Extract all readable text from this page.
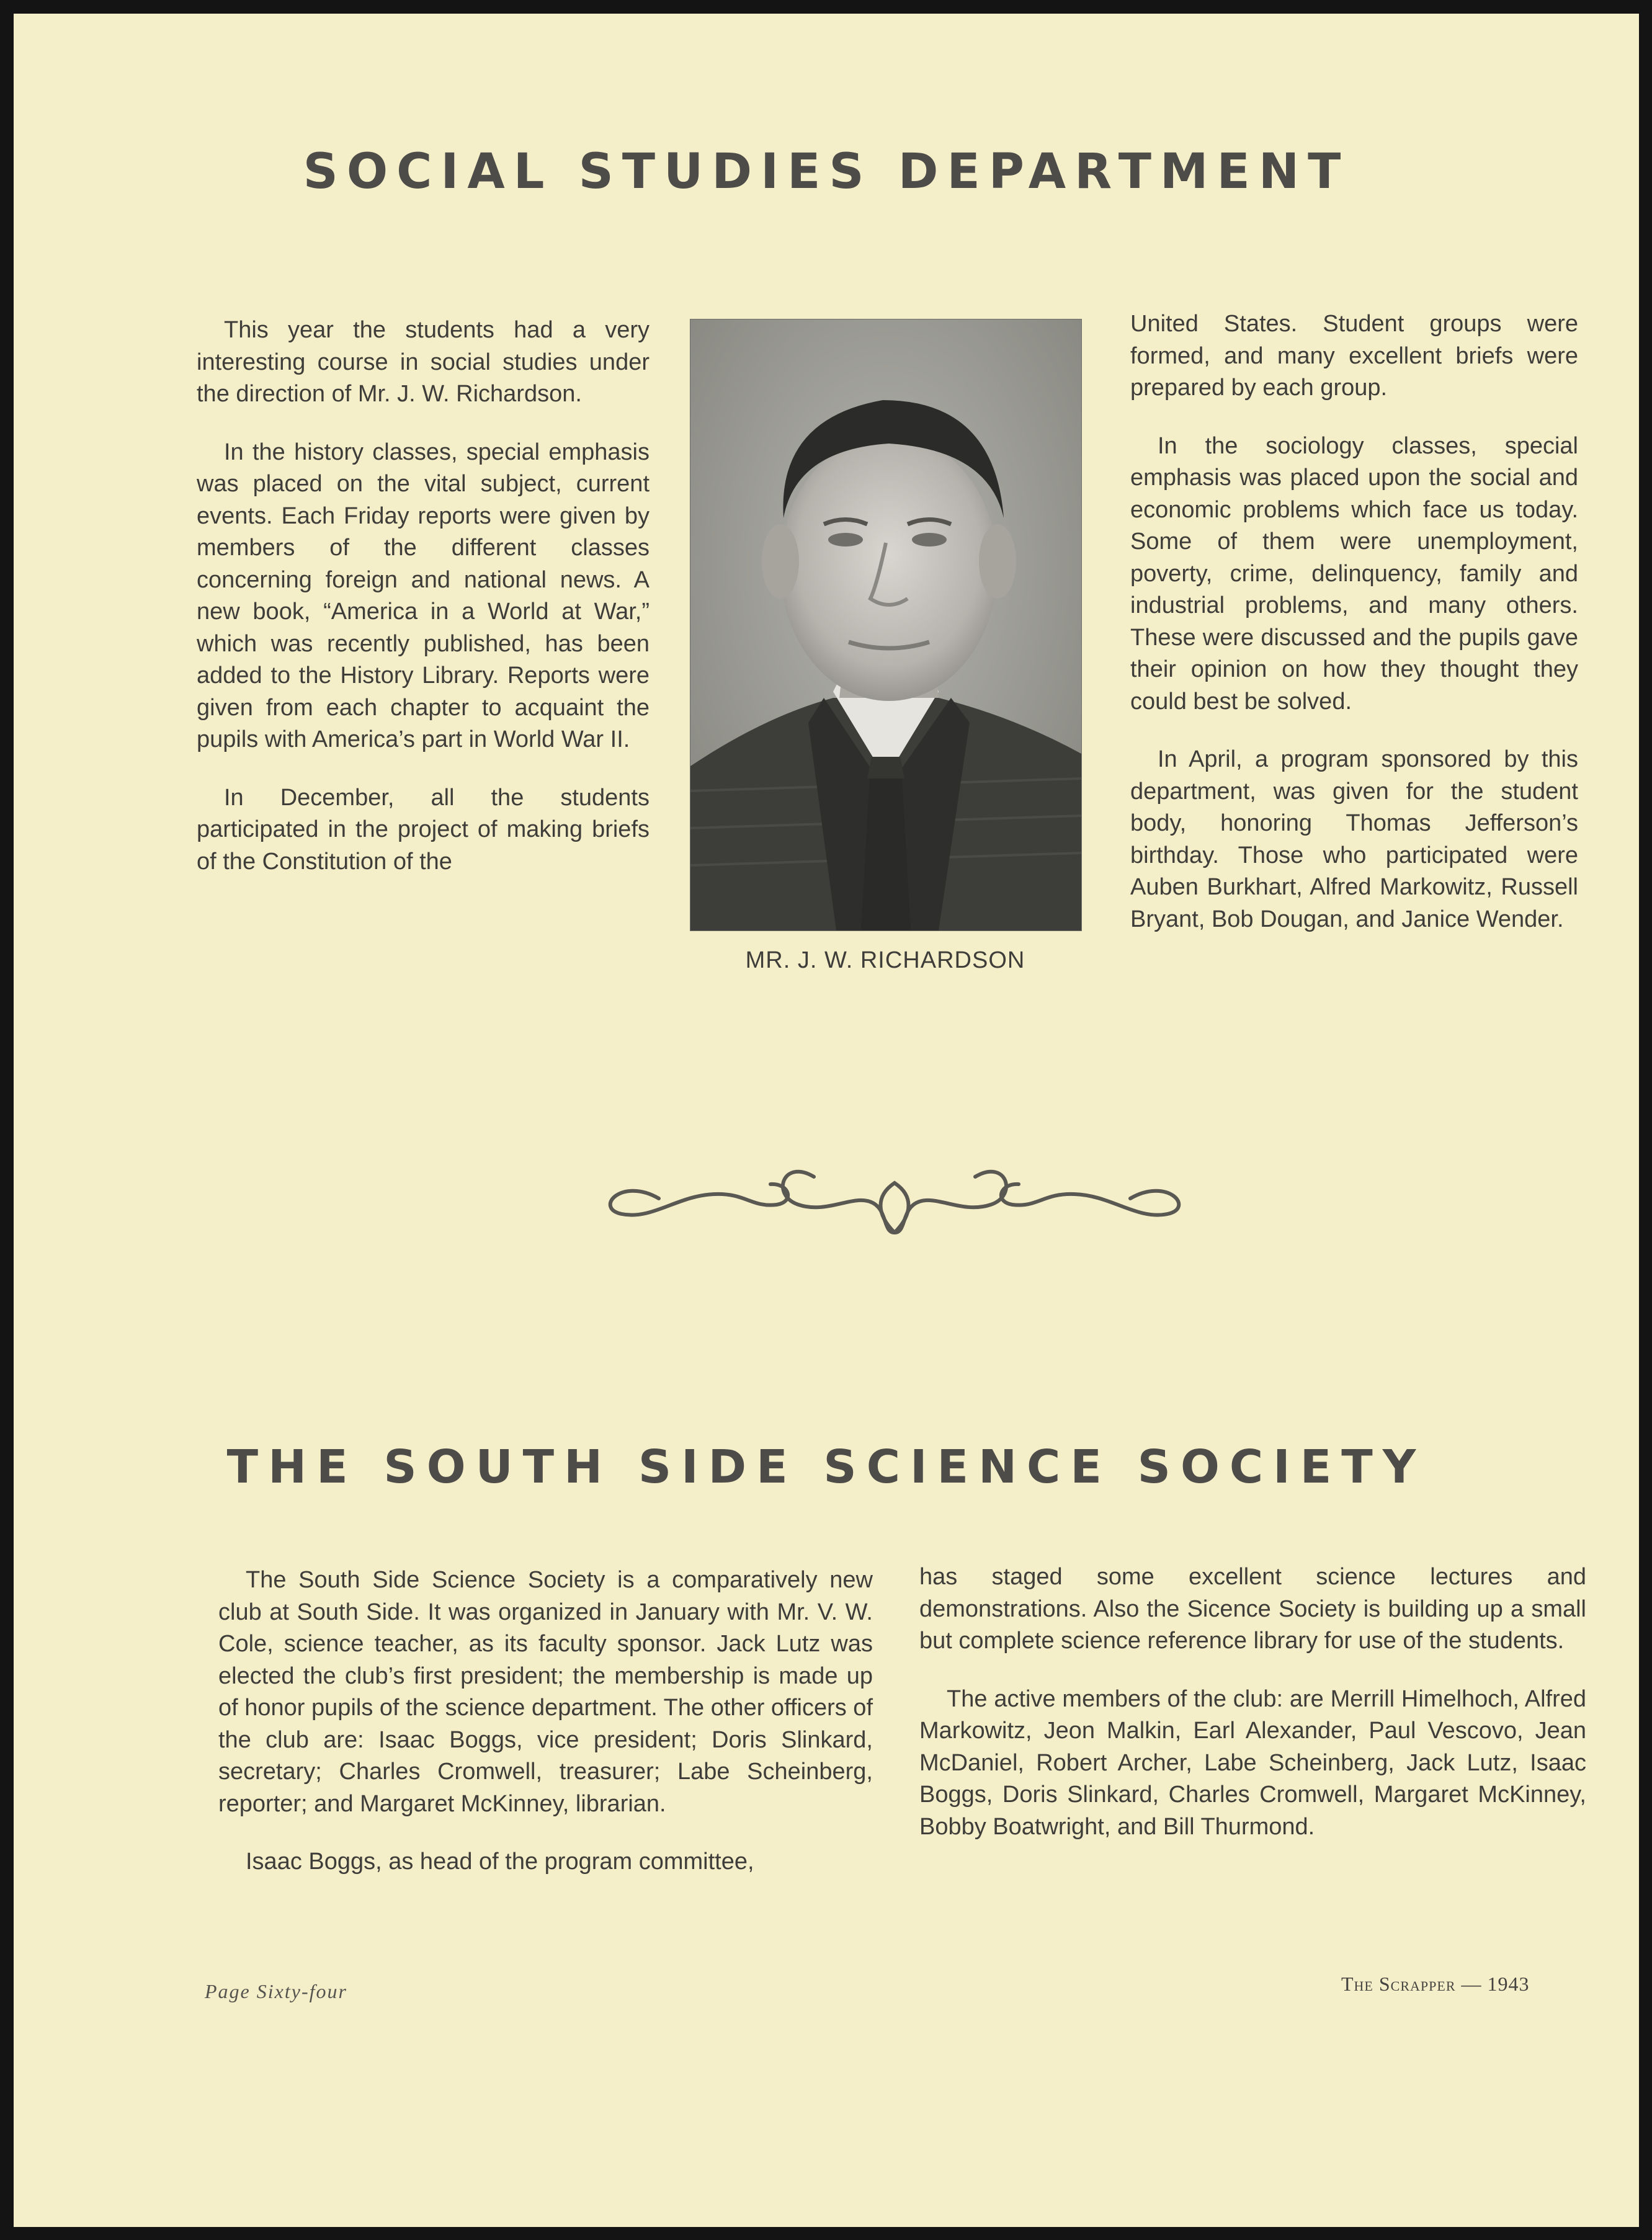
SOCIAL STUDIES DEPARTMENT

This year the students had a very interesting course in social studies under the direction of Mr. J. W. Richardson.

In the history classes, special emphasis was placed on the vital subject, current events. Each Friday reports were given by members of the different classes concerning foreign and national news. A new book, “America in a World at War,” which was recently published, has been added to the History Library. Reports were given from each chapter to acquaint the pupils with America’s part in World War II.

In December, all the students participated in the project of making briefs of the Constitution of the

MR. J. W. RICHARDSON

United States. Student groups were formed, and many excellent briefs were prepared by each group.

In the sociology classes, special emphasis was placed upon the social and economic problems which face us today. Some of them were unemployment, poverty, crime, delinquency, family and industrial problems, and many others. These were discussed and the pupils gave their opinion on how they thought they could best be solved.

In April, a program sponsored by this department, was given for the student body, honoring Thomas Jefferson’s birthday. Those who participated were Auben Burkhart, Alfred Markowitz, Russell Bryant, Bob Dougan, and Janice Wender.

THE SOUTH SIDE SCIENCE SOCIETY

The South Side Science Society is a comparatively new club at South Side. It was organized in January with Mr. V. W. Cole, science teacher, as its faculty sponsor. Jack Lutz was elected the club’s first president; the membership is made up of honor pupils of the science department. The other officers of the club are: Isaac Boggs, vice president; Doris Slinkard, secretary; Charles Cromwell, treasurer; Labe Scheinberg, reporter; and Margaret McKinney, librarian.

Isaac Boggs, as head of the program committee,

has staged some excellent science lectures and demonstrations. Also the Sicence Society is building up a small but complete science reference library for use of the students.

The active members of the club: are Merrill Himelhoch, Alfred Markowitz, Jeon Malkin, Earl Alexander, Paul Vescovo, Jean McDaniel, Robert Archer, Labe Scheinberg, Jack Lutz, Isaac Boggs, Doris Slinkard, Charles Cromwell, Margaret McKinney, Bobby Boatwright, and Bill Thurmond.

Page Sixty-four	The Scrapper — 1943
